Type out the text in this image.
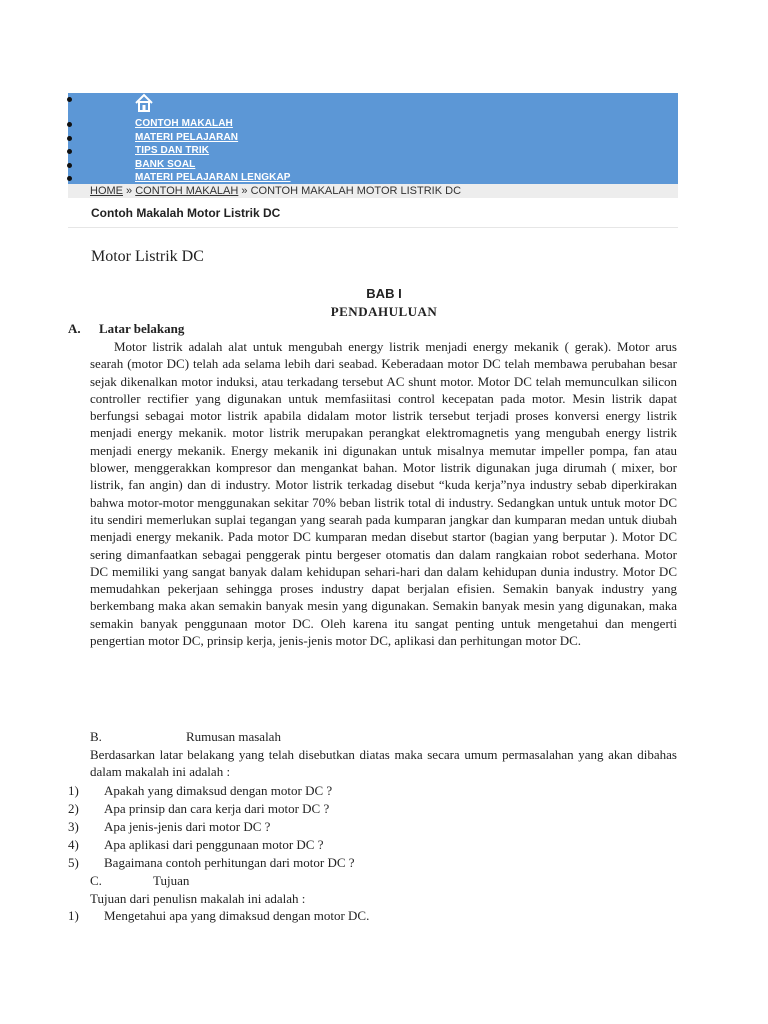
CONTOH MAKALAH
MATERI PELAJARAN
TIPS DAN TRIK
BANK SOAL
MATERI PELAJARAN LENGKAP
HOME » CONTOH MAKALAH » CONTOH MAKALAH MOTOR LISTRIK DC
Contoh Makalah Motor Listrik DC
Motor Listrik DC
BAB I
PENDAHULUAN
A. Latar belakang

Motor listrik adalah alat untuk mengubah energy listrik menjadi energy mekanik ( gerak). Motor arus searah (motor DC) telah ada selama lebih dari seabad. Keberadaan motor DC telah membawa perubahan besar sejak dikenalkan motor induksi, atau terkadang tersebut AC shunt motor. Motor DC telah memunculkan silicon controller rectifier yang digunakan untuk memfasiitasi control kecepatan pada motor. Mesin listrik dapat berfungsi sebagai motor listrik apabila didalam motor listrik tersebut terjadi proses konversi energy listrik menjadi energy mekanik. motor listrik merupakan perangkat elektromagnetis yang mengubah energy listrik menjadi energy mekanik. Energy mekanik ini digunakan untuk misalnya memutar impeller pompa, fan atau blower, menggerakkan kompresor dan mengankat bahan. Motor listrik digunakan juga dirumah ( mixer, bor listrik, fan angin) dan di industry. Motor listrik terkadag disebut “kuda kerja”nya industry sebab diperkirakan bahwa motor-motor menggunakan sekitar 70% beban listrik total di industry. Sedangkan untuk untuk motor DC itu sendiri memerlukan suplai tegangan yang searah pada kumparan jangkar dan kumparan medan untuk diubah menjadi energy mekanik. Pada motor DC kumparan medan disebut startor (bagian yang berputar ). Motor DC sering dimanfaatkan sebagai penggerak pintu bergeser otomatis dan dalam rangkaian robot sederhana. Motor DC memiliki yang sangat banyak dalam kehidupan sehari-hari dan dalam kehidupan dunia industry. Motor DC memudahkan pekerjaan sehingga proses industry dapat berjalan efisien. Semakin banyak industry yang berkembang maka akan semakin banyak mesin yang digunakan. Semakin banyak mesin yang digunakan, maka semakin banyak penggunaan motor DC. Oleh karena itu sangat penting untuk mengetahui dan mengerti pengertian motor DC, prinsip kerja, jenis-jenis motor DC, aplikasi dan perhitungan motor DC.

B.	Rumusan masalah

Berdasarkan latar belakang yang telah disebutkan diatas maka secara umum permasalahan yang akan dibahas dalam makalah ini adalah :

1) Apakah yang dimaksud dengan motor DC ?
2) Apa prinsip dan cara kerja dari motor DC ?
3) Apa jenis-jenis dari motor DC ?
4) Apa aplikasi dari penggunaan motor DC ?
5) Bagaimana contoh perhitungan dari motor DC ?
C.	Tujuan

Tujuan dari penulisn makalah ini adalah :

1) Mengetahui apa yang dimaksud dengan motor DC.
